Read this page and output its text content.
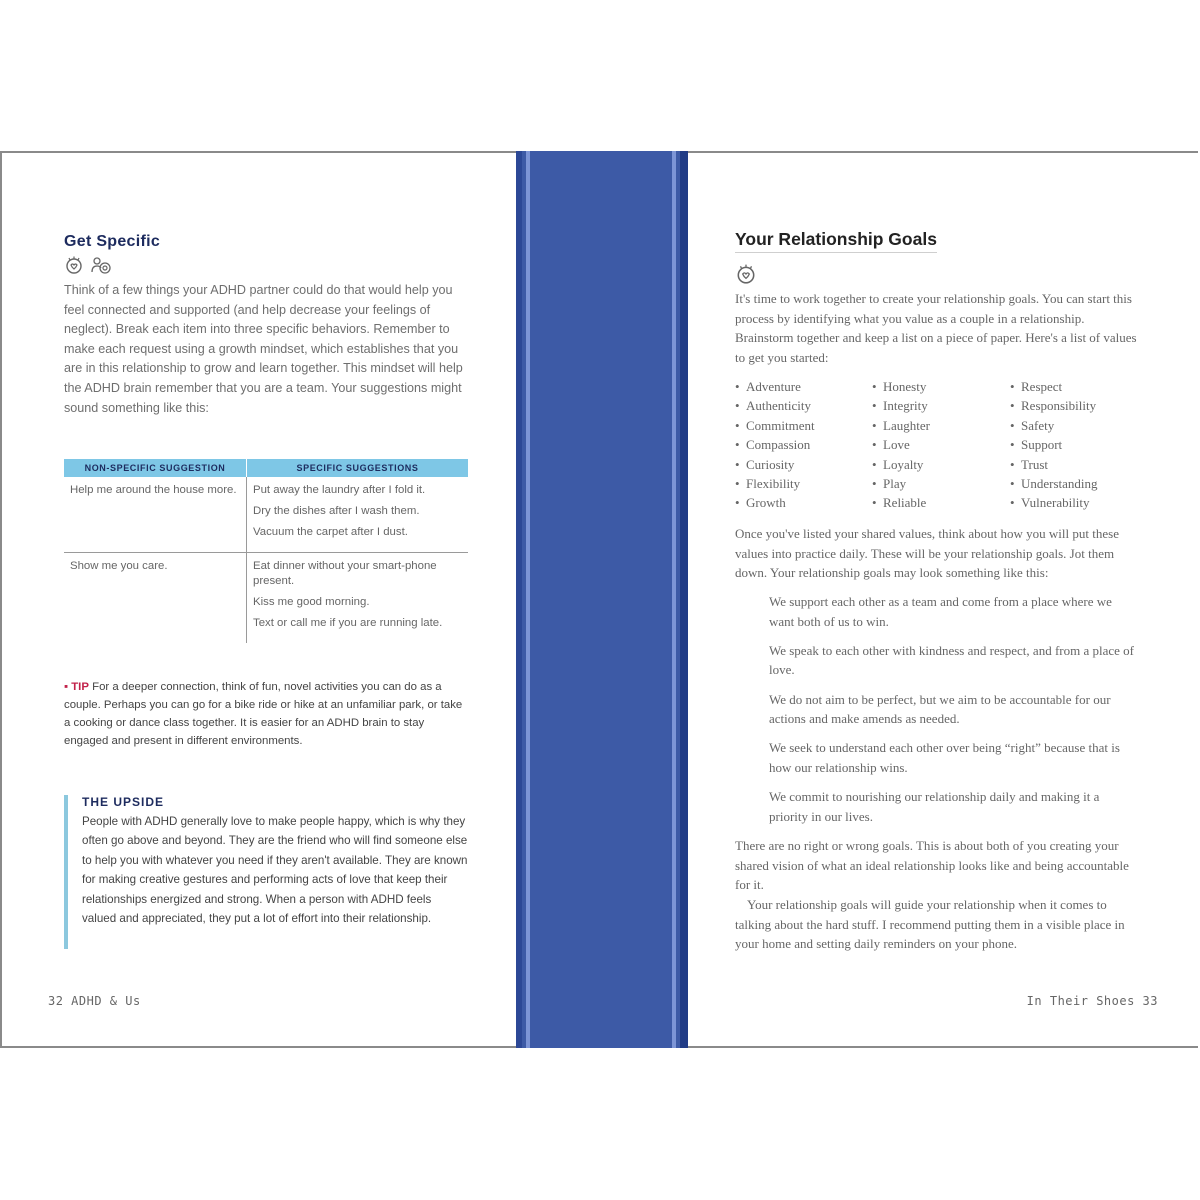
Get Specific

Think of a few things your ADHD partner could do that would help you feel connected and supported (and help decrease your feelings of neglect). Break each item into three specific behaviors. Remember to make each request using a growth mindset, which establishes that you are in this relationship to grow and learn together. This mindset will help the ADHD brain remember that you are a team. Your suggestions might sound something like this:

NON-SPECIFIC SUGGESTION	SPECIFIC SUGGESTIONS

Help me around the house more.	Put away the laundry after I fold it.

Dry the dishes after I wash them.

Vacuum the carpet after I dust.

Show me you care.	Eat dinner without your smart-phone present.

Kiss me good morning.

Text or call me if you are running late.

▪ TIP For a deeper connection, think of fun, novel activities you can do as a couple. Perhaps you can go for a bike ride or hike at an unfamiliar park, or take a cooking or dance class together. It is easier for an ADHD brain to stay engaged and present in different environments.

THE UPSIDE

People with ADHD generally love to make people happy, which is why they often go above and beyond. They are the friend who will find someone else to help you with whatever you need if they aren't available. They are known for making creative gestures and performing acts of love that keep their relationships energized and strong. When a person with ADHD feels valued and appreciated, they put a lot of effort into their relationship.

32 ADHD & Us
Your Relationship Goals

It's time to work together to create your relationship goals. You can start this process by identifying what you value as a couple in a relationship. Brainstorm together and keep a list on a piece of paper. Here's a list of values to get you started:

• Adventure
• Authenticity
• Commitment
• Compassion
• Curiosity
• Flexibility
• Growth
• Honesty
• Integrity
• Laughter
• Love
• Loyalty
• Play
• Reliable
• Respect
• Responsibility
• Safety
• Support
• Trust
• Understanding
• Vulnerability

Once you've listed your shared values, think about how you will put these values into practice daily. These will be your relationship goals. Jot them down. Your relationship goals may look something like this:

We support each other as a team and come from a place where we want both of us to win.

We speak to each other with kindness and respect, and from a place of love.

We do not aim to be perfect, but we aim to be accountable for our actions and make amends as needed.

We seek to understand each other over being “right” because that is how our relationship wins.

We commit to nourishing our relationship daily and making it a priority in our lives.

There are no right or wrong goals. This is about both of you creating your shared vision of what an ideal relationship looks like and being accountable for it.

Your relationship goals will guide your relationship when it comes to talking about the hard stuff. I recommend putting them in a visible place in your home and setting daily reminders on your phone.

In Their Shoes 33
